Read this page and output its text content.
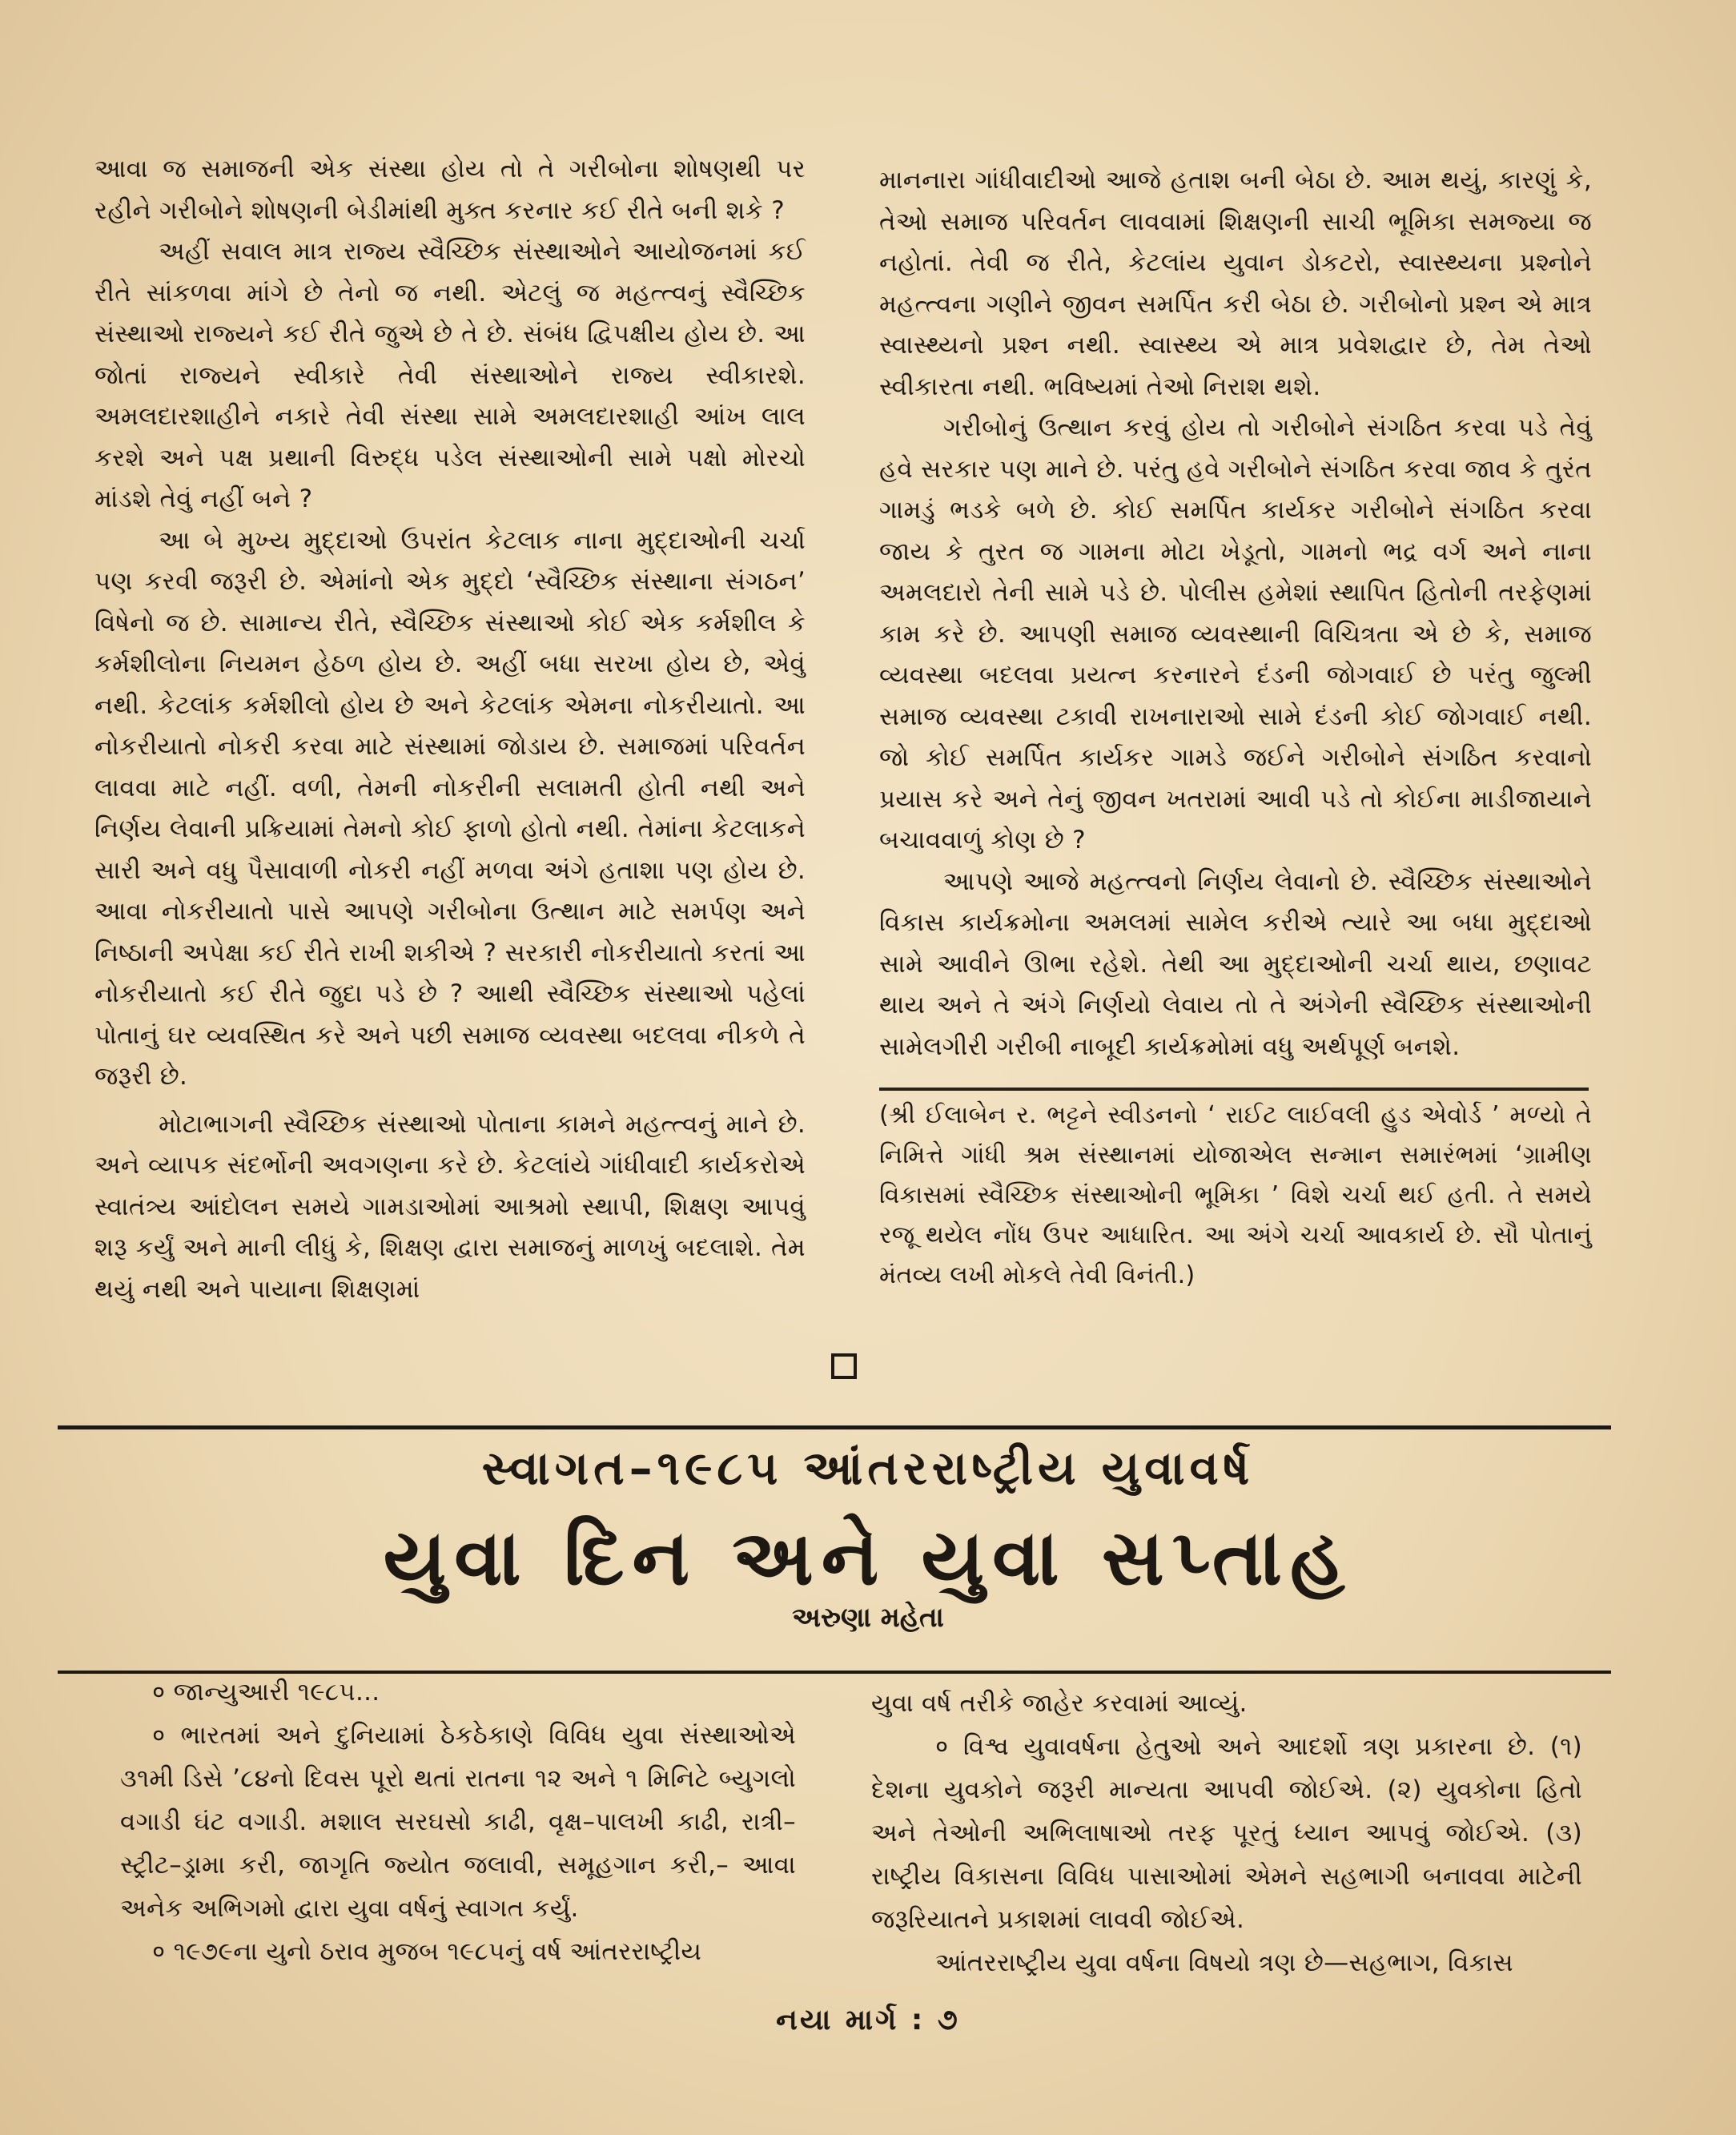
આવા જ સમાજની એક સંસ્થા હોય તો તે ગરીબોના શોષણથી પર રહીને ગરીબોને શોષણની બેડીમાંથી મુક્ત કરનાર કઈ રીતે બની શકે ?

અહીં સવાલ માત્ર રાજ્ય સ્વૈચ્છિક સંસ્થાઓને આયોજનમાં કઈ રીતે સાંકળવા માંગે છે તેનો જ નથી. એટલું જ મહત્ત્વનું સ્વૈચ્છિક સંસ્થાઓ રાજ્યને કઈ રીતે જુએ છે તે છે. સંબંધ દ્વિપક્ષીય હોય છે. આ જોતાં રાજ્યને સ્વીકારે તેવી સંસ્થાઓને રાજ્ય સ્વીકારશે. અમલદારશાહીને નકારે તેવી સંસ્થા સામે અમલદારશાહી આંખ લાલ કરશે અને પક્ષ પ્રથાની વિરુદ્ધ પડેલ સંસ્થાઓની સામે પક્ષો મોરચો માંડશે તેવું નહીં બને ?

આ બે મુખ્ય મુદ્દાઓ ઉપરાંત કેટલાક નાના મુદ્દાઓની ચર્ચા પણ કરવી જરૂરી છે. એમાંનો એક મુદ્દો ‘સ્વૈચ્છિક સંસ્થાના સંગઠન’ વિષેનો જ છે. સામાન્ય રીતે, સ્વૈચ્છિક સંસ્થાઓ કોઈ એક કર્મશીલ કે કર્મશીલોના નિયમન હેઠળ હોય છે. અહીં બધા સરખા હોય છે, એવું નથી. કેટલાંક કર્મશીલો હોય છે અને કેટલાંક એમના નોકરીયાતો. આ નોકરીયાતો નોકરી કરવા માટે સંસ્થામાં જોડાય છે. સમાજમાં પરિવર્તન લાવવા માટે નહીં. વળી, તેમની નોકરીની સલામતી હોતી નથી અને નિર્ણય લેવાની પ્રક્રિયામાં તેમનો કોઈ ફાળો હોતો નથી. તેમાંના કેટલાકને સારી અને વધુ પૈસાવાળી નોકરી નહીં મળવા અંગે હતાશા પણ હોય છે. આવા નોકરીયાતો પાસે આપણે ગરીબોના ઉત્થાન માટે સમર્પણ અને નિષ્ઠાની અપેક્ષા કઈ રીતે રાખી શકીએ ? સરકારી નોકરીયાતો કરતાં આ નોકરીયાતો કઈ રીતે જુદા પડે છે ? આથી સ્વૈચ્છિક સંસ્થાઓ પહેલાં પોતાનું ઘર વ્યવસ્થિત કરે અને પછી સમાજ વ્યવસ્થા બદલવા નીકળે તે જરૂરી છે.

મોટાભાગની સ્વૈચ્છિક સંસ્થાઓ પોતાના કામને મહત્ત્વનું માને છે. અને વ્યાપક સંદર્ભોની અવગણના કરે છે. કેટલાંયે ગાંધીવાદી કાર્યકરોએ સ્વાતંત્ર્ય આંદોલન સમયે ગામડાઓમાં આશ્રમો સ્થાપી, શિક્ષણ આપવું શરૂ કર્યું અને માની લીધું કે, શિક્ષણ દ્વારા સમાજનું માળખું બદલાશે. તેમ થયું નથી અને પાયાના શિક્ષણમાં

માનનારા ગાંધીવાદીઓ આજે હતાશ બની બેઠા છે. આમ થયું, કારણું કે, તેઓ સમાજ પરિવર્તન લાવવામાં શિક્ષણની સાચી ભૂમિકા સમજ્યા જ નહોતાં. તેવી જ રીતે, કેટલાંય યુવાન ડોકટરો, સ્વાસ્થ્યના પ્રશ્નોને મહત્ત્વના ગણીને જીવન સમર્પિત કરી બેઠા છે. ગરીબોનો પ્રશ્ન એ માત્ર સ્વાસ્થ્યનો પ્રશ્ન નથી. સ્વાસ્થ્ય એ માત્ર પ્રવેશદ્વાર છે, તેમ તેઓ સ્વીકારતા નથી. ભવિષ્યમાં તેઓ નિરાશ થશે.

ગરીબોનું ઉત્થાન કરવું હોય તો ગરીબોને સંગઠિત કરવા પડે તેવું હવે સરકાર પણ માને છે. પરંતુ હવે ગરીબોને સંગઠિત કરવા જાવ કે તુરંત ગામડું ભડકે બળે છે. કોઈ સમર્પિત કાર્યકર ગરીબોને સંગઠિત કરવા જાય કે તુરત જ ગામના મોટા ખેડૂતો, ગામનો ભદ્ર વર્ગ અને નાના અમલદારો તેની સામે પડે છે. પોલીસ હમેશાં સ્થાપિત હિતોની તરફેણમાં કામ કરે છે. આપણી સમાજ વ્યવસ્થાની વિચિત્રતા એ છે કે, સમાજ વ્યવસ્થા બદલવા પ્રયત્ન કરનારને દંડની જોગવાઈ છે પરંતુ જુલ્મી સમાજ વ્યવસ્થા ટકાવી રાખનારાઓ સામે દંડની કોઈ જોગવાઈ નથી. જો કોઈ સમર્પિત કાર્યકર ગામડે જઈને ગરીબોને સંગઠિત કરવાનો પ્રયાસ કરે અને તેનું જીવન ખતરામાં આવી પડે તો કોઈના માડીજાયાને બચાવવાળું કોણ છે ?

આપણે આજે મહત્ત્વનો નિર્ણય લેવાનો છે. સ્વૈચ્છિક સંસ્થાઓને વિકાસ કાર્યક્રમોના અમલમાં સામેલ કરીએ ત્યારે આ બધા મુદ્દાઓ સામે આવીને ઊભા રહેશે. તેથી આ મુદ્દાઓની ચર્ચા થાય, છણાવટ થાય અને તે અંગે નિર્ણયો લેવાય તો તે અંગેની સ્વૈચ્છિક સંસ્થાઓની સામેલગીરી ગરીબી નાબૂદી કાર્યક્રમોમાં વધુ અર્થપૂર્ણ બનશે.

(શ્રી ઈલાબેન ર. ભટ્ટને સ્વીડનનો ‘ રાઈટ લાઈવલી હુડ એવોર્ડ ’ મળ્યો તે નિમિત્તે ગાંધી શ્રમ સંસ્થાનમાં યોજાએલ સન્માન સમારંભમાં ‘ગ્રામીણ વિકાસમાં સ્વૈચ્છિક સંસ્થાઓની ભૂમિકા ’ વિશે ચર્ચા થઈ હતી. તે સમયે રજૂ થયેલ નોંધ ઉપર આધારિત. આ અંગે ચર્ચા આવકાર્ય છે. સૌ પોતાનું મંતવ્ય લખી મોકલે તેવી વિનંતી.)

સ્વાગત–૧૯૮૫ આંતરરાષ્ટ્રીય યુવાવર્ષ
યુવા દિન અને યુવા સપ્તાહ
અરુણા મહેતા

० જાન્યુઆરી ૧૯૮૫...

० ભારતમાં અને દુનિયામાં ઠેકઠેકાણે વિવિધ યુવા સંસ્થાઓએ ૩૧મી ડિસે ’૮૪નો દિવસ પૂરો થતાં રાતના ૧૨ અને ૧ મિનિટે બ્યુગલો વગાડી ઘંટ વગાડી. મશાલ સરઘસો કાઢી, વૃક્ષ–પાલખી કાઢી, રાત્રી–સ્ટ્રીટ–ડ્રામા કરી, જાગૃતિ જ્યોત જલાવી, સમૂહગાન કરી,– આવા અનેક અભિગમો દ્વારા યુવા વર્ષનું સ્વાગત કર્યું.

० ૧૯૭૯ના યુનો ઠરાવ મુજબ ૧૯૮૫નું વર્ષ આંતરરાષ્ટ્રીય

યુવા વર્ષ તરીકે જાહેર કરવામાં આવ્યું.

० વિશ્વ યુવાવર્ષના હેતુઓ અને આદર્શો ત્રણ પ્રકારના છે. (૧) દેશના યુવકોને જરૂરી માન્યતા આપવી જોઈએ. (૨) યુવકોના હિતો અને તેઓની અભિલાષાઓ તરફ પૂરતું ધ્યાન આપવું જોઈએ. (૩) રાષ્ટ્રીય વિકાસના વિવિધ પાસાઓમાં એમને સહભાગી બનાવવા માટેની જરૂરિયાતને પ્રકાશમાં લાવવી જોઈએ.

આંતરરાષ્ટ્રીય યુવા વર્ષના વિષયો ત્રણ છે—સહભાગ, વિકાસ

નયા માર્ગ : ૭
